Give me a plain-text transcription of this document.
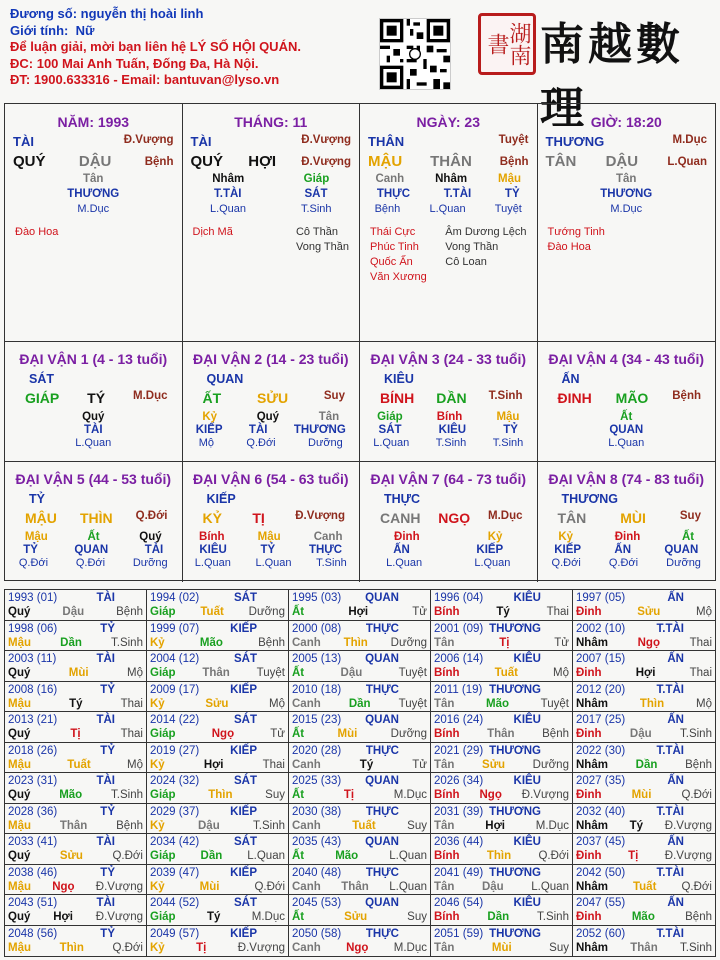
Đương số: nguyễn thị hoài linh
Giới tính: Nữ
Để luận giải, mời bạn liên hệ LÝ SỐ HỘI QUÁN.
ĐC: 100 Mai Anh Tuấn, Đống Đa, Hà Nội.
ĐT: 1900.633316 - Email: bantuvan@lyso.vn
湖南書 南越數理
NĂM: 1993
TÀI	Đ.Vượng
QUÝ DẬU	Bệnh
Tân
THƯƠNG
M.Dục
Đào Hoa
THÁNG: 11
TÀI	Đ.Vượng
QUÝ HỢI Đ.Vượng
Nhâm	Giáp
T.TÀI	SÁT
L.Quan	T.Sinh
Dịch Mã	Cô Thần
Vong Thần
NGÀY: 23
THÂN	Tuyệt
MẬU THÂN Bệnh
Canh	Nhâm	Mậu
THỰC	T.TÀI	TỶ
Bệnh	L.Quan	Tuyệt
Thái Cực
Phúc Tinh
Quốc Ấn
Văn Xương
Âm Dương Lệch
Vong Thần
Cô Loan
GIỜ: 18:20
THƯƠNG	M.Dục
TÂN DẬU	L.Quan
Tân
THƯƠNG
M.Dục
Tướng Tinh
Đào Hoa
ĐẠI VẬN 1 (4 - 13 tuổi)
SÁT
GIÁP TÝ M.Dục
Quý
TÀI
L.Quan
ĐẠI VẬN 2 (14 - 23 tuổi)
QUAN
ẤT	SỬU	Suy
Kỷ	Quý	Tân
KIẾP TÀI THƯƠNG
Mộ	Q.Đới	Dưỡng
ĐẠI VẬN 3 (24 - 33 tuổi)
KIÊU
BÍNH DẦN T.Sinh
Giáp	Bính	Mậu
SÁT	KIÊU	TỶ
L.Quan T.Sinh T.Sinh
ĐẠI VẬN 4 (34 - 43 tuổi)
ẤN
ĐINH MÃO Bệnh
Ất
QUAN
L.Quan
ĐẠI VẬN 5 (44 - 53 tuổi)
TỶ
MẬU THÌN Q.Đới
Mậu	Ất	Quý
TỶ	QUAN	TÀI
Q.Đới	Q.Đới	Dưỡng
ĐẠI VẬN 6 (54 - 63 tuổi)
KIẾP
KỶ TỊ	Đ.Vượng
Bính	Mậu	Canh
KIÊU	TỶ	THỰC
L.Quan L.Quan T.Sinh
ĐẠI VẬN 7 (64 - 73 tuổi)
THỰC
CANH NGỌ M.Dục
Đinh	Kỷ
ẤN	KIẾP
L.Quan	L.Quan
ĐẠI VẬN 8 (74 - 83 tuổi)
THƯƠNG
TÂN MÙI	Suy
Kỷ	Đinh	Ất
KIẾP	ẤN	QUAN
Q.Đới	Q.Đới	Dưỡng
1993 (01)	TÀI
Quý	Dậu	Bệnh
1994 (02)	SÁT
Giáp Tuất Dưỡng
1995 (03) QUAN
Ất	Hợi	Tử
1996 (04)	KIÊU
Bính	Tý	Thai
1997 (05)	ẤN
Đinh	Sửu	Mộ
1998 (06)	TỶ
Mậu	Dần	T.Sinh
1999 (07)	KIẾP
Kỷ	Mão	Bệnh
2000 (08) THỰC
Canh Thìn Dưỡng
2001 (09) THƯƠNG
Tân	Tị	Tử
2002 (10)	T.TÀI
Nhâm	Ngọ	Thai
2003 (11)	TÀI
Quý	Mùi	Mộ
2004 (12)	SÁT
Giáp Thân Tuyệt
2005 (13) QUAN
Ất	Dậu	Tuyệt
2006 (14)	KIÊU
Bính	Tuất	Mộ
2007 (15)	ẤN
Đinh	Hợi	Thai
2008 (16)	TỶ
Mậu	Tý	Thai
2009 (17)	KIẾP
Kỷ	Sửu	Mộ
2010 (18) THỰC
Canh Dần Tuyệt
2011 (19) THƯƠNG
Tân	Mão	Tuyệt
2012 (20)	T.TÀI
Nhâm	Thìn	Mộ
2013 (21)	TÀI
Quý	Tị	Thai
2014 (22)	SÁT
Giáp	Ngọ	Tử
2015 (23) QUAN
Ất	Mùi	Dưỡng
2016 (24)	KIÊU
Bính Thân Bệnh
2017 (25)	ẤN
Đinh Dậu T.Sinh
2018 (26)	TỶ
Mậu	Tuất	Mộ
2019 (27)	KIẾP
Kỷ	Hợi	Thai
2020 (28) THỰC
Canh	Tý	Tử
2021 (29) THƯƠNG
Tân Sửu Dưỡng
2022 (30)	T.TÀI
Nhâm Dần Bệnh
2023 (31)	TÀI
Quý	Mão	T.Sinh
2024 (32)	SÁT
Giáp	Thìn	Suy
2025 (33) QUAN
Ất	Tị	M.Dục
2026 (34)	KIÊU
Bính Ngọ Đ.Vượng
2027 (35)	ẤN
Đinh	Mùi	Q.Đới
2028 (36)	TỶ
Mậu	Thân	Bệnh
2029 (37)	KIẾP
Kỷ	Dậu	T.Sinh
2030 (38) THỰC
Canh	Tuất	Suy
2031 (39) THƯƠNG
Tân	Hợi	M.Dục
2032 (40)	T.TÀI
Nhâm Tý Đ.Vượng
2033 (41)	TÀI
Quý	Sửu	Q.Đới
2034 (42)	SÁT
Giáp Dần L.Quan
2035 (43) QUAN
Ất	Mão	L.Quan
2036 (44)	KIÊU
Bính Thìn Q.Đới
2037 (45)	ẤN
Đinh Tị Đ.Vượng
2038 (46)	TỶ
Mậu Ngọ Đ.Vượng
2039 (47)	KIẾP
Kỷ	Mùi	Q.Đới
2040 (48) THỰC
Canh Thân L.Quan
2041 (49) THƯƠNG
Tân Dậu L.Quan
2042 (50)	T.TÀI
Nhâm Tuất Q.Đới
2043 (51)	TÀI
Quý Hợi Đ.Vượng
2044 (52)	SÁT
Giáp	Tý	M.Dục
2045 (53) QUAN
Ất	Sửu	Suy
2046 (54)	KIÊU
Bính Dần T.Sinh
2047 (55)	ẤN
Đinh	Mão	Bệnh
2048 (56)	TỶ
Mậu Thìn Q.Đới
2049 (57)	KIẾP
Kỷ	Tị	Đ.Vượng
2050 (58) THỰC
Canh Ngọ M.Dục
2051 (59) THƯƠNG
Tân	Mùi	Suy
2052 (60)	T.TÀI
Nhâm Thân T.Sinh
